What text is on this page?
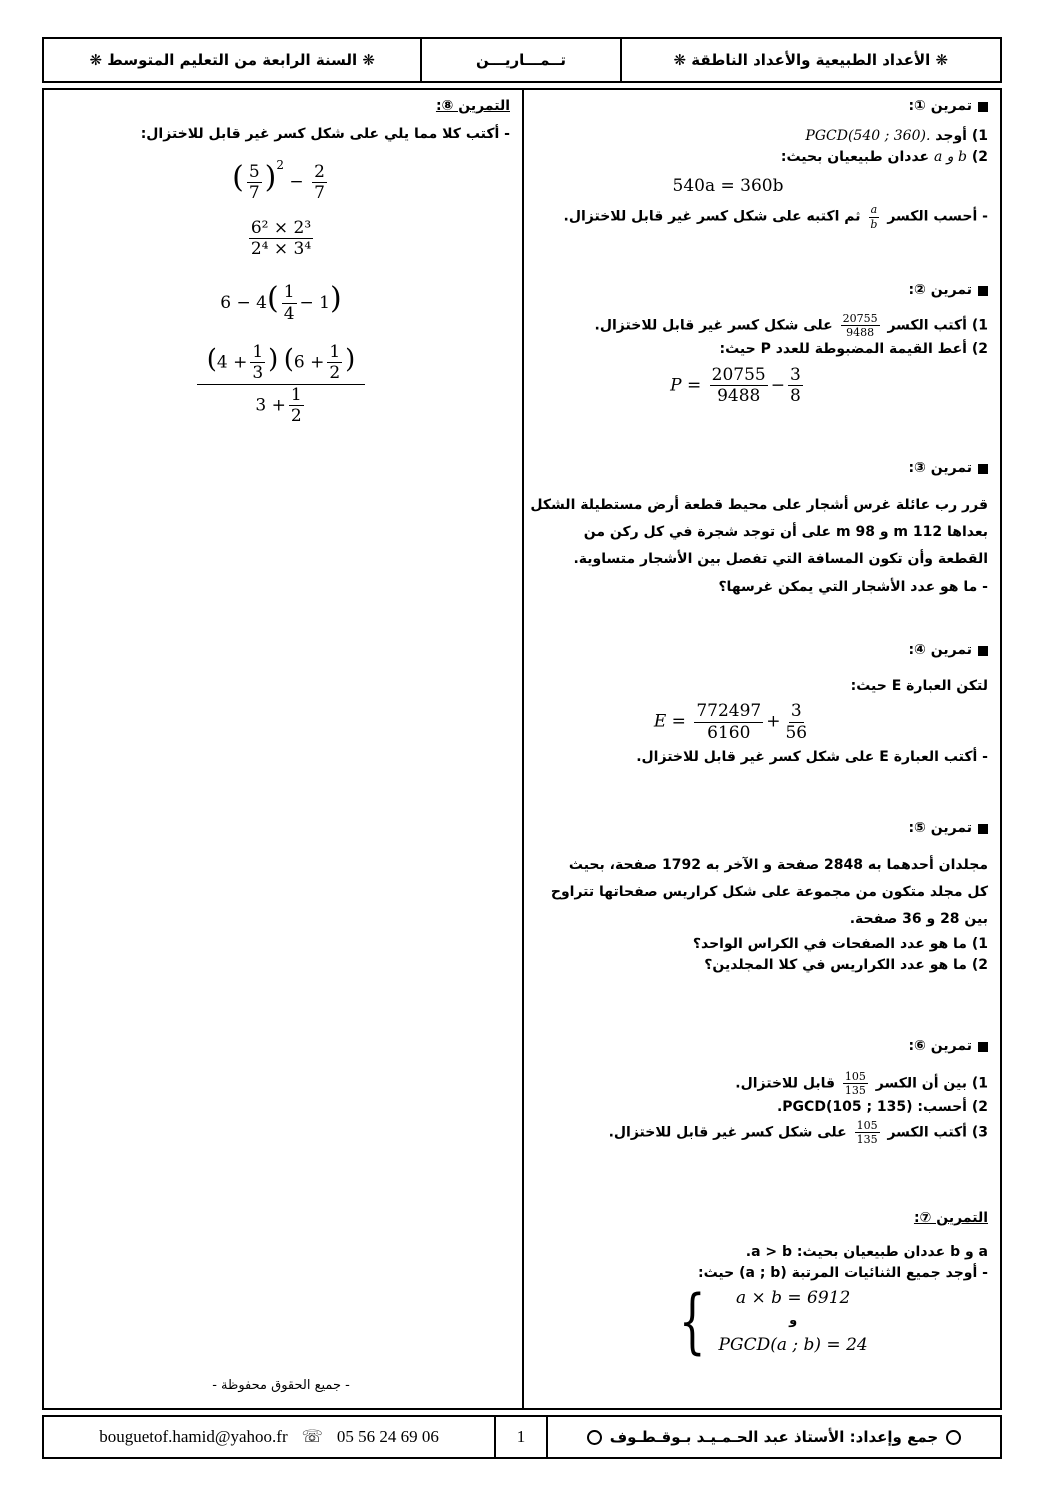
❋ الأعداد الطبيعية والأعداد الناطقة ❋
تــمـــاريـــن
❋ السنة الرابعة من التعليم المتوسط ❋

تمرين ①:

1) أوجد PGCD(540 ; 360).

2) a و b عددان طبيعيان بحيث:

540a = 360b

- أحسب الكسر
$\frac{a}{b}$
ثم اكتبه على شكل كسر غير قابل للاختزال.

تمرين ②:

1) أكتب الكسر
$\frac{20755}{9488}$
على شكل كسر غير قابل للاختزال.

2) أعط القيمة المضبوطة للعدد P حيث:

$P = \frac{20755}{9488} - \frac{3}{8}$

تمرين ③:

قرر رب عائلة غرس أشجار على محيط قطعة أرض مستطيلة الشكل

بعداها 112 m و 98 m على أن توجد شجرة في كل ركن من

القطعة وأن تكون المسافة التي تفصل بين الأشجار متساوية.

- ما هو عدد الأشجار التي يمكن غرسها؟

تمرين ④:

لتكن العبارة E حيث:

$E = \frac{772497}{6160} + \frac{3}{56}$

- أكتب العبارة E على شكل كسر غير قابل للاختزال.

تمرين ⑤:

مجلدان أحدهما به 2848 صفحة و الآخر به 1792 صفحة، بحيث

كل مجلد متكون من مجموعة على شكل كراريس صفحاتها تتراوح

بين 28 و 36 صفحة.

1) ما هو عدد الصفحات في الكراس الواحد؟

2) ما هو عدد الكراريس في كلا المجلدين؟

تمرين ⑥:

1) بين أن الكسر
$\frac{105}{135}$
قابل للاختزال.

2) أحسب: PGCD(105 ; 135).

3) أكتب الكسر
$\frac{105}{135}$
على شكل كسر غير قابل للاختزال.

التمرين ⑦:

a و b عددان طبيعيان بحيث: a > b.

- أوجد جميع الثنائيات المرتبة (a ; b) حيث:

{ a × b = 6912
و
PGCD(a ; b) = 24

التمرين ⑧:

- أكتب كلا مما يلي على شكل كسر غير قابل للاختزال:

( $\frac{5}{7} )^2 - \frac{2}{7}$
$\frac{\text{6² × 2³}}{\text{2⁴ × 3⁴}}$
$6 - 4( \frac{1}{4} - 1)$
$\frac{(4 + \frac{1}{3} ) (6 + \frac{1}{2} )}{3 + \frac{1}{2}}$
- جميع الحقوق محفوظة -
bouguetof.hamid@yahoo.fr ☏ 05 56 24 69 06	1	جمع وإعداد: الأستاذ عبد الحـمـيـد بـوقـطـوف
